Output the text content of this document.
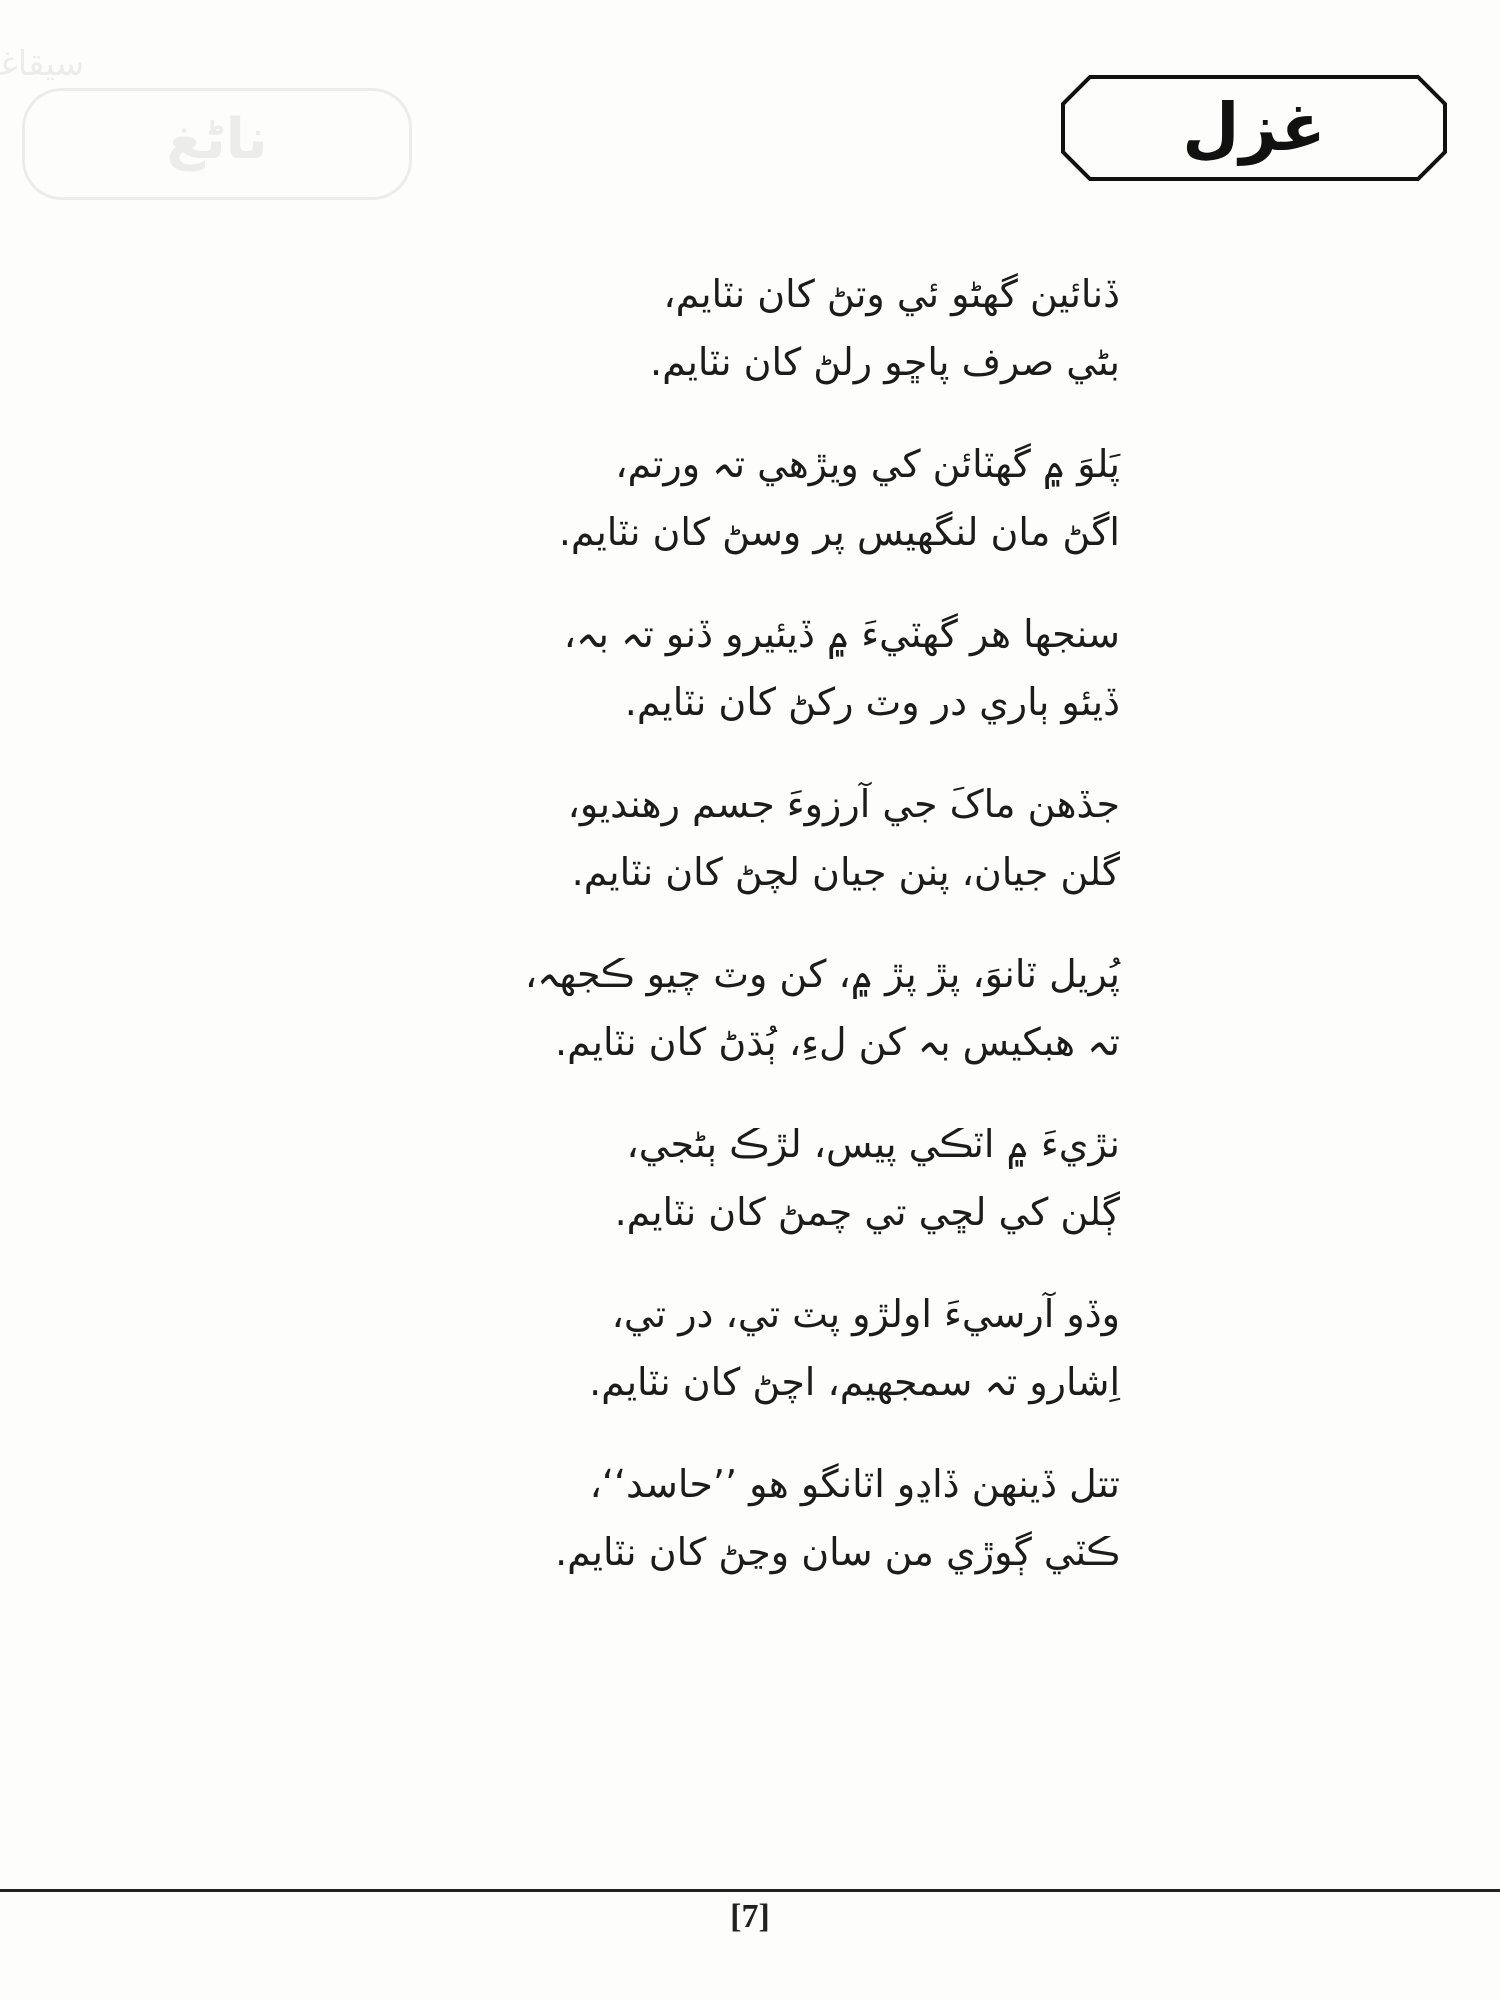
ﺳﻴﻘﺎﻏ
ناڻغ	غزل
ڏنائين گهڻو ئي وتڻ کان نٽايم،
بڻي صرف پاڇو رلڻ کان نٽايم.
پَلوَ ۾ گهٽائن کي ويڙهي تہ ورتم،
اگڻ مان لنگهيس پر وسڻ کان نٽايم.
سنجها هر گهٽيءَ ۾ ڏيئيرو ڏنو تہ بہ،
ڏيئو ٻاري در وٽ رکڻ کان نٽايم.
جڏهن ماکَ جي آرزوءَ جسم رهنديو،
گلن جيان، پنن جيان لچڻ کان نٽايم.
پُريل ٽانوَ، پڙ پڙ ۾، کن وٽ چيو ڪجهہ،
تہ هبکيس بہ کن لءِ، ٻُڌڻ کان نٽايم.
نڙيءَ ۾ اٽڪي پيس، لڙڪ ٻڻجي،
ڳلن کي لڇي تي چمڻ کان نٽايم.
وڏو آرسيءَ اولڙو پٽ تي، در تي،
اِشارو تہ سمجهيم، اچڻ کان نٽايم.
تتل ڏينهن ڏاڍو اٽانگو هو ’’حاسد‘‘،
ڪٽي ڳوڙي من سان وڃڻ کان نٽايم.
[7]
